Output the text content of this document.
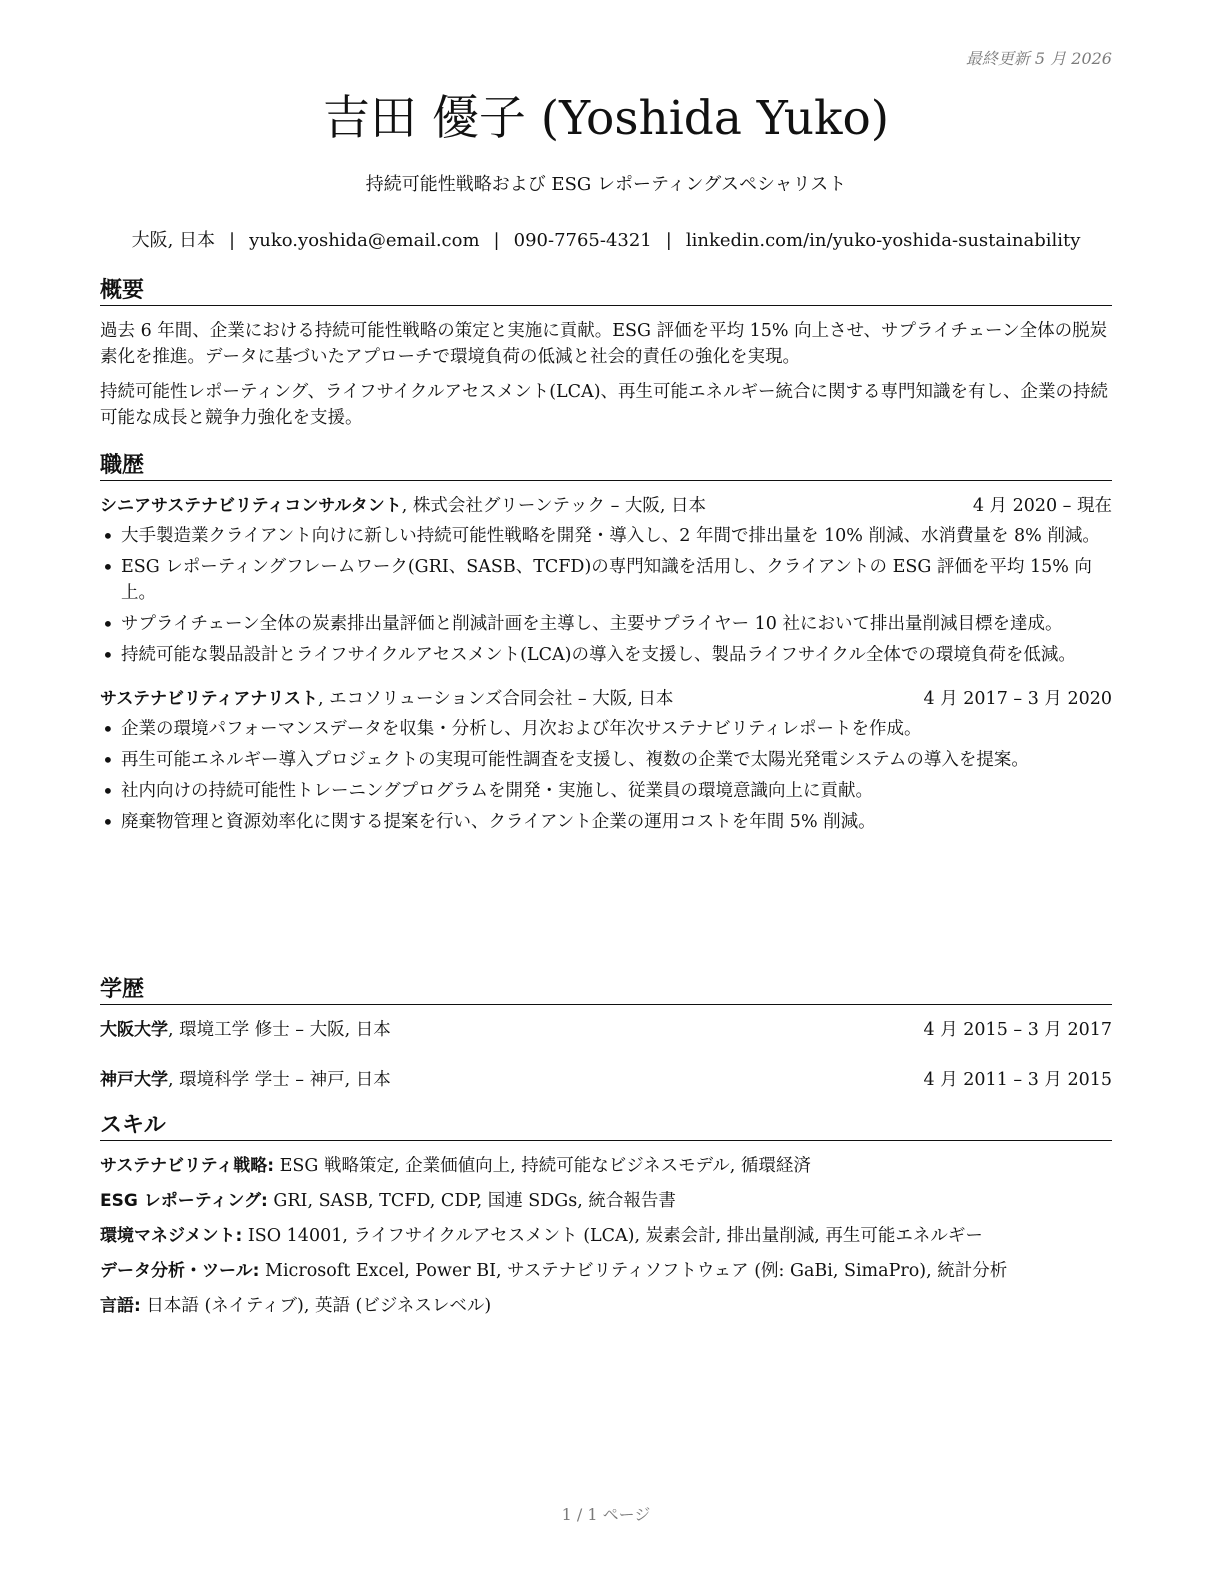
最終更新 5 月 2026
吉田 優子 (Yoshida Yuko)
持続可能性戦略および ESG レポーティングスペシャリスト
大阪, 日本 | yuko.yoshida@email.com | 090-7765-4321 | linkedin.com/in/yuko-yoshida-sustainability
概要

過去 6 年間、企業における持続可能性戦略の策定と実施に貢献。ESG 評価を平均 15% 向上させ、サプライチェーン全体の脱炭素化を推進。データに基づいたアプローチで環境負荷の低減と社会的責任の強化を実現。

持続可能性レポーティング、ライフサイクルアセスメント(LCA)、再生可能エネルギー統合に関する専門知識を有し、企業の持続可能な成長と競争力強化を支援。

職歴
シニアサステナビリティコンサルタント, 株式会社グリーンテック – 大阪, 日本	4 月 2020 – 現在
• 大手製造業クライアント向けに新しい持続可能性戦略を開発・導入し、2 年間で排出量を 10% 削減、水消費量を 8% 削減。
• ESG レポーティングフレームワーク(GRI、SASB、TCFD)の専門知識を活用し、クライアントの ESG 評価を平均 15% 向上。
• サプライチェーン全体の炭素排出量評価と削減計画を主導し、主要サプライヤー 10 社において排出量削減目標を達成。
• 持続可能な製品設計とライフサイクルアセスメント(LCA)の導入を支援し、製品ライフサイクル全体での環境負荷を低減。
サステナビリティアナリスト, エコソリューションズ合同会社 – 大阪, 日本	4 月 2017 – 3 月 2020
• 企業の環境パフォーマンスデータを収集・分析し、月次および年次サステナビリティレポートを作成。
• 再生可能エネルギー導入プロジェクトの実現可能性調査を支援し、複数の企業で太陽光発電システムの導入を提案。
• 社内向けの持続可能性トレーニングプログラムを開発・実施し、従業員の環境意識向上に貢献。
• 廃棄物管理と資源効率化に関する提案を行い、クライアント企業の運用コストを年間 5% 削減。
学歴
大阪大学, 環境工学 修士 – 大阪, 日本	4 月 2015 – 3 月 2017
神戸大学, 環境科学 学士 – 神戸, 日本	4 月 2011 – 3 月 2015
スキル
サステナビリティ戦略: ESG 戦略策定, 企業価値向上, 持続可能なビジネスモデル, 循環経済
ESG レポーティング: GRI, SASB, TCFD, CDP, 国連 SDGs, 統合報告書
環境マネジメント: ISO 14001, ライフサイクルアセスメント (LCA), 炭素会計, 排出量削減, 再生可能エネルギー
データ分析・ツール: Microsoft Excel, Power BI, サステナビリティソフトウェア (例: GaBi, SimaPro), 統計分析
言語: 日本語 (ネイティブ), 英語 (ビジネスレベル)
1 / 1 ページ
